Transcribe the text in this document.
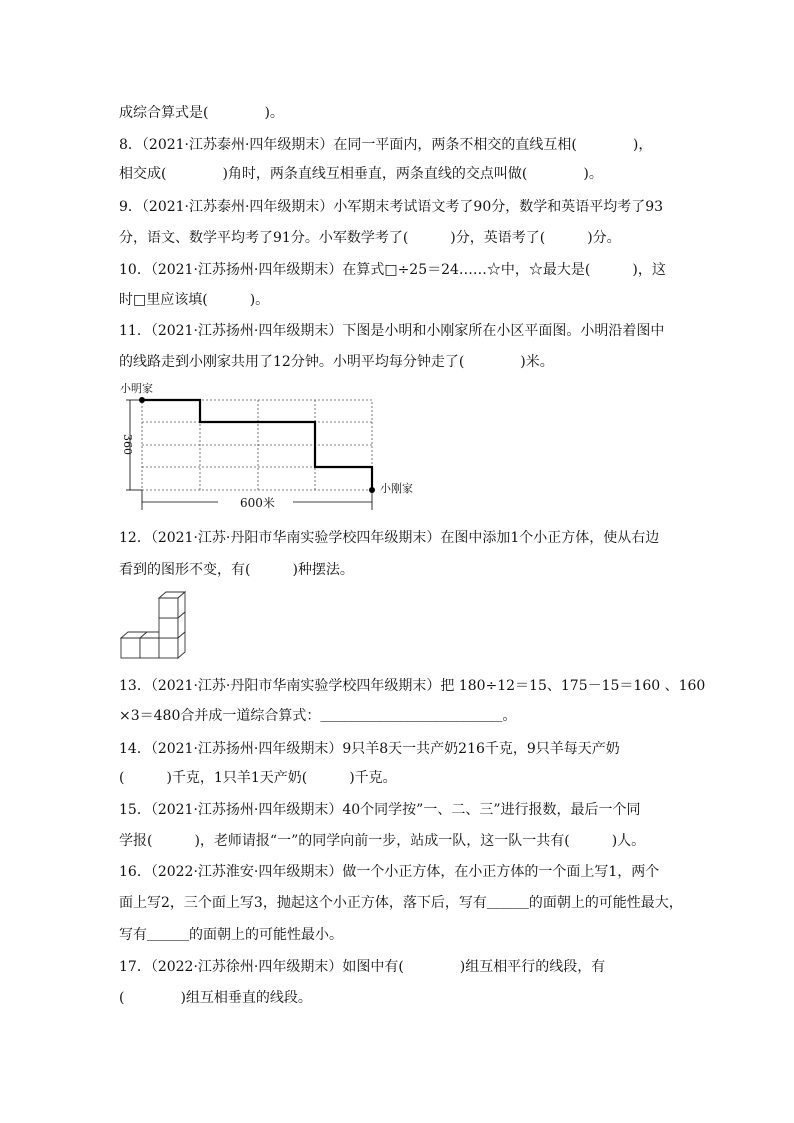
成综合算式是(　　　　)。
8．（2021·江苏泰州·四年级期末）在同一平面内，两条不相交的直线互相(　　　　)，
相交成(　　　　)角时，两条直线互相垂直，两条直线的交点叫做(　　　　)。
9．（2021·江苏泰州·四年级期末）小军期末考试语文考了90分，数学和英语平均考了93
分，语文、数学平均考了91分。小军数学考了(　　　)分，英语考了(　　　)分。
10．（2021·江苏扬州·四年级期末）在算式□÷25＝24……☆中，☆最大是(　　　)，这
时□里应该填(　　　)。
11．（2021·江苏扬州·四年级期末）下图是小明和小刚家所在小区平面图。小明沿着图中
的线路走到小刚家共用了12分钟。小明平均每分钟走了(　　　　)米。
小明家
小刚家
360
600米
12．（2021·江苏·丹阳市华南实验学校四年级期末）在图中添加1个小正方体，使从右边
看到的图形不变，有(　　　)种摆法。
13．（2021·江苏·丹阳市华南实验学校四年级期末）把 180÷12＝15、175－15＝160 、160
×3＝480合并成一道综合算式：＿＿＿＿＿＿＿＿＿＿＿＿＿。
14．（2021·江苏扬州·四年级期末）9只羊8天一共产奶216千克，9只羊每天产奶
(　　　)千克，1只羊1天产奶(　　　)千克。
15．（2021·江苏扬州·四年级期末）40个同学按”一、二、三”进行报数，最后一个同
学报(　　　)，老师请报“一”的同学向前一步，站成一队，这一队一共有(　　　)人。
16．（2022·江苏淮安·四年级期末）做一个小正方体，在小正方体的一个面上写1，两个
面上写2，三个面上写3，抛起这个小正方体，落下后，写有＿＿＿的面朝上的可能性最大，
写有＿＿＿的面朝上的可能性最小。
17．（2022·江苏徐州·四年级期末）如图中有(　　　　)组互相平行的线段，有
(　　　　)组互相垂直的线段。
